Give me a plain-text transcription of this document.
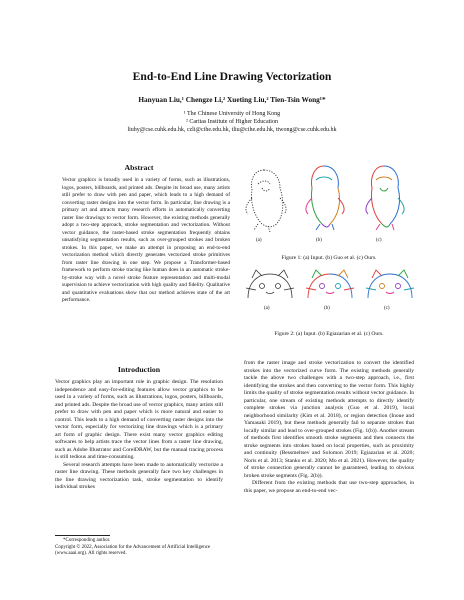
End-to-End Line Drawing Vectorization
Hanyuan Liu,¹ Chengze Li,² Xueting Liu,² Tien-Tsin Wong¹*
¹ The Chinese University of Hong Kong
² Caritas Institute of Higher Education
liuhy@cse.cuhk.edu.hk, czli@cihe.edu.hk, tliu@cihe.edu.hk, ttwong@cse.cuhk.edu.hk
Abstract
Vector graphics is broadly used in a variety of forms, such as illustrations, logos, posters, billboards, and printed ads. Despite its broad use, many artists still prefer to draw with pen and paper, which leads to a high demand of converting raster designs into the vector form. In particular, line drawing is a primary art and attracts many research efforts in automatically converting raster line drawings to vector form. However, the existing methods generally adopt a two-step approach, stroke segmentation and vectorization. Without vector guidance, the raster-based stroke segmentation frequently obtains unsatisfying segmentation results, such as over-grouped strokes and broken strokes. In this paper, we make an attempt in proposing an end-to-end vectorization method which directly generates vectorized stroke primitives from raster line drawing in one step. We propose a Transformer-based framework to perform stroke tracing like human does in an automatic stroke-by-stroke way with a novel stroke feature representation and multi-modal supervision to achieve vectorization with high quality and fidelity. Qualitative and quantitative evaluations show that our method achieves state of the art performance.
(a)	(b)	(c)
Figure 1: (a) Input. (b) Guo et al. (c) Ours.
(a)	(b)	(c)
Figure 2: (a) Input. (b) Egiazarian et al. (c) Ours.
Introduction

Vector graphics play an important role in graphic design. The resolution independence and easy-for-editing features allow vector graphics to be used in a variety of forms, such as illustrations, logos, posters, billboards, and printed ads. Despite the broad use of vector graphics, many artists still prefer to draw with pen and paper which is more natural and easier to control. This leads to a high demand of converting raster designs into the vector form, especially for vectorizing line drawings which is a primary art form of graphic design. There exist many vector graphics editing softwares to help artists trace the vector lines from a raster line drawing, such as Adobe Illustrator and CorelDRAW, but the manual tracing process is still tedious and time-consuming.

Several research attempts have been made to automatically vectorize a raster line drawing. These methods generally face two key challenges in the line drawing vectorization task, stroke segmentation to identify individual strokes

*Corresponding author.
Copyright © 2022, Association for the Advancement of Artificial Intelligence (www.aaai.org). All rights reserved.

from the raster image and stroke vectorization to convert the identified strokes into the vectorized curve form. The existing methods generally tackle the above two challenges with a two-step approach, i.e., first identifying the strokes and then converting to the vector form. This highly limits the quality of stroke segmentation results without vector guidance. In particular, one stream of existing methods attempts to directly identify complete strokes via junction analysis (Guo et al. 2019), local neighborhood similarity (Kim et al. 2018), or region detection (Inoue and Yamasaki 2019), but these methods generally fail to separate strokes that locally similar and lead to over-grouped strokes (Fig. 1(b)). Another stream of methods first identifies smooth stroke segments and then connects the stroke segments into strokes based on local properties, such as proximity and continuity (Bessmeltsev and Solomon 2019; Egiazarian et al. 2020; Noris et al. 2013; Stanko et al. 2020; Mo et al. 2021). However, the quality of stroke connection generally cannot be guaranteed, leading to obvious broken stroke segments (Fig. 2(b)).

Different from the existing methods that use two-step approaches, in this paper, we propose an end-to-end vec-
